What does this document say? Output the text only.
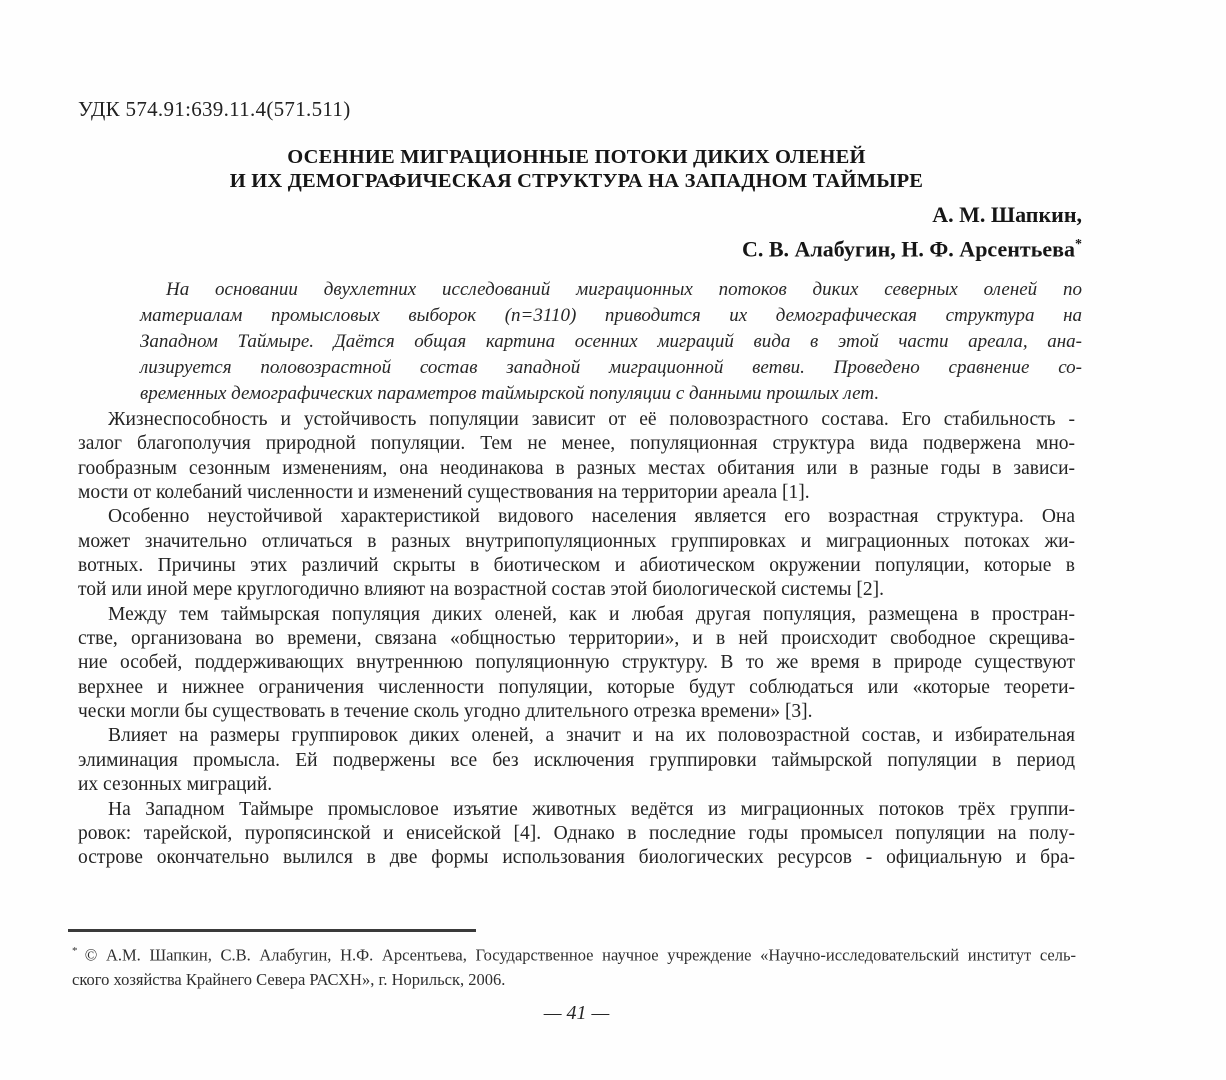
УДК 574.91:639.11.4(571.511)
ОСЕННИЕ МИГРАЦИОННЫЕ ПОТОКИ ДИКИХ ОЛЕНЕЙ
И ИХ ДЕМОГРАФИЧЕСКАЯ СТРУКТУРА НА ЗАПАДНОМ ТАЙМЫРЕ
А. М. Шапкин,
С. В. Алабугин, Н. Ф. Арсентьева*
На основании двухлетних исследований миграционных потоков диких северных оленей по
материалам промысловых выборок (n=3110) приводится их демографическая структура на
Западном Таймыре. Даётся общая картина осенних миграций вида в этой части ареала, ана-
лизируется половозрастной состав западной миграционной ветви. Проведено сравнение со-
временных демографических параметров таймырской популяции с данными прошлых лет.
Жизнеспособность и устойчивость популяции зависит от её половозрастного состава. Его стабильность -
залог благополучия природной популяции. Тем не менее, популяционная структура вида подвержена мно-
гообразным сезонным изменениям, она неодинакова в разных местах обитания или в разные годы в зависи-
мости от колебаний численности и изменений существования на территории ареала [1].
Особенно неустойчивой характеристикой видового населения является его возрастная структура. Она
может значительно отличаться в разных внутрипопуляционных группировках и миграционных потоках жи-
вотных. Причины этих различий скрыты в биотическом и абиотическом окружении популяции, которые в
той или иной мере круглогодично влияют на возрастной состав этой биологической системы [2].
Между тем таймырская популяция диких оленей, как и любая другая популяция, размещена в простран-
стве, организована во времени, связана «общностью территории», и в ней происходит свободное скрещива-
ние особей, поддерживающих внутреннюю популяционную структуру. В то же время в природе существуют
верхнее и нижнее ограничения численности популяции, которые будут соблюдаться или «которые теорети-
чески могли бы существовать в течение сколь угодно длительного отрезка времени» [3].
Влияет на размеры группировок диких оленей, а значит и на их половозрастной состав, и избирательная
элиминация промысла. Ей подвержены все без исключения группировки таймырской популяции в период
их сезонных миграций.
На Западном Таймыре промысловое изъятие животных ведётся из миграционных потоков трёх группи-
ровок: тарейской, пуропясинской и енисейской [4]. Однако в последние годы промысел популяции на полу-
острове окончательно вылился в две формы использования биологических ресурсов - официальную и бра-
* © А.М. Шапкин, С.В. Алабугин, Н.Ф. Арсентьева, Государственное научное учреждение «Научно-исследовательский институт сель-
ского хозяйства Крайнего Севера РАСХН», г. Норильск, 2006.
— 41 —
